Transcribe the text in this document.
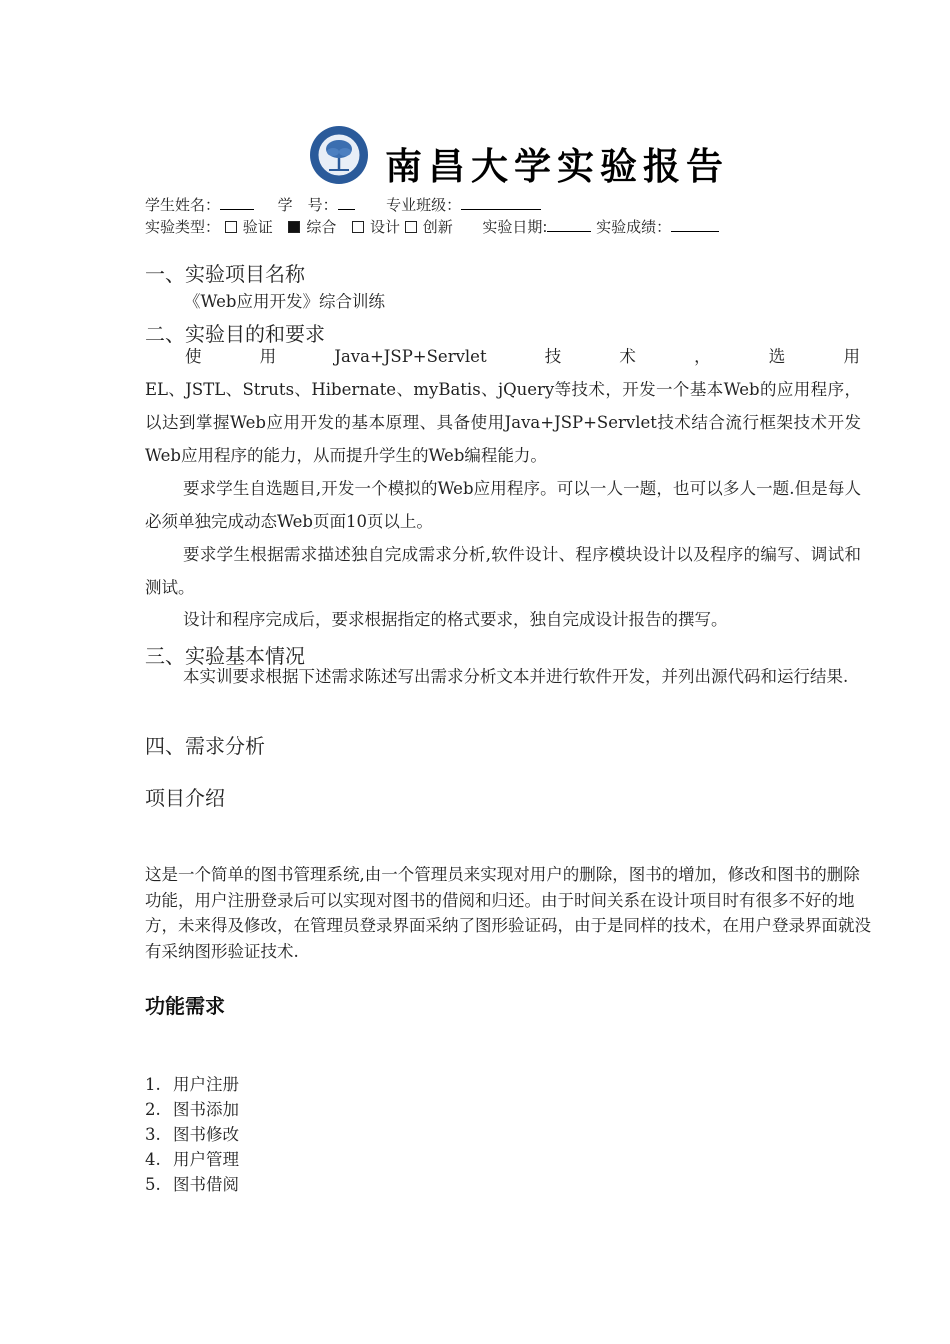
南昌大学实验报告
学生姓名：	学　号：	专业班级：
实验类型： 验证 综合 设计 创新 实验日期:	实验成绩：
一、实验项目名称
《Web应用开发》综合训练
二、实验目的和要求
使	用	Java+JSP+Servlet	技	术	，	选	用
EL、JSTL、Struts、Hibernate、myBatis、jQuery等技术，开发一个基本Web的应用程序，以达到掌握Web应用开发的基本原理、具备使用Java+JSP+Servlet技术结合流行框架技术开发Web应用程序的能力，从而提升学生的Web编程能力。
要求学生自选题目,开发一个模拟的Web应用程序。可以一人一题，也可以多人一题.但是每人必须单独完成动态Web页面10页以上。
要求学生根据需求描述独自完成需求分析,软件设计、程序模块设计以及程序的编写、调试和测试。
设计和程序完成后，要求根据指定的格式要求，独自完成设计报告的撰写。
三、实验基本情况
本实训要求根据下述需求陈述写出需求分析文本并进行软件开发，并列出源代码和运行结果.
四、需求分析
项目介绍
这是一个简单的图书管理系统,由一个管理员来实现对用户的删除，图书的增加，修改和图书的删除功能，用户注册登录后可以实现对图书的借阅和归还。由于时间关系在设计项目时有很多不好的地方，未来得及修改，在管理员登录界面采纳了图形验证码，由于是同样的技术，在用户登录界面就没有采纳图形验证技术.
功能需求
1. 用户注册
2. 图书添加
3. 图书修改
4. 用户管理
5. 图书借阅
